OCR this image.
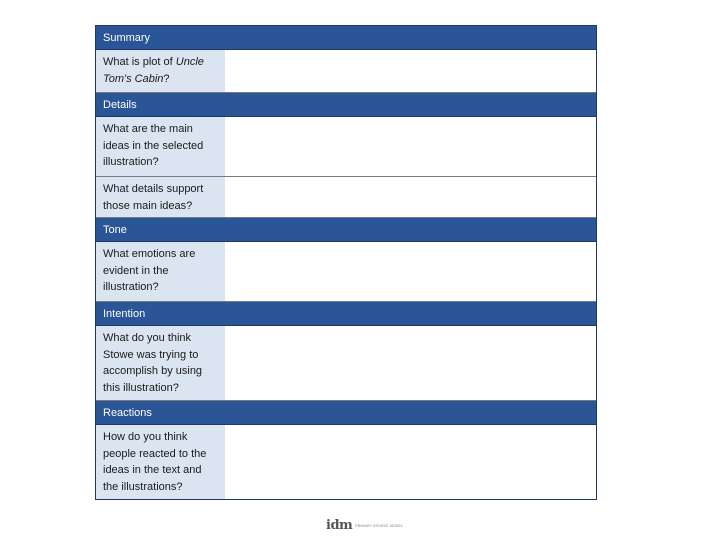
Summary
What is plot of Uncle Tom's Cabin?
Details
What are the main ideas in the selected illustration?
What details support those main ideas?
Tone
What emotions are evident in the illustration?
Intention
What do you think Stowe was trying to accomplish by using this illustration?
Reactions
How do you think people reacted to the ideas in the text and the illustrations?
idm PRIMARY SOURCE MODEL
